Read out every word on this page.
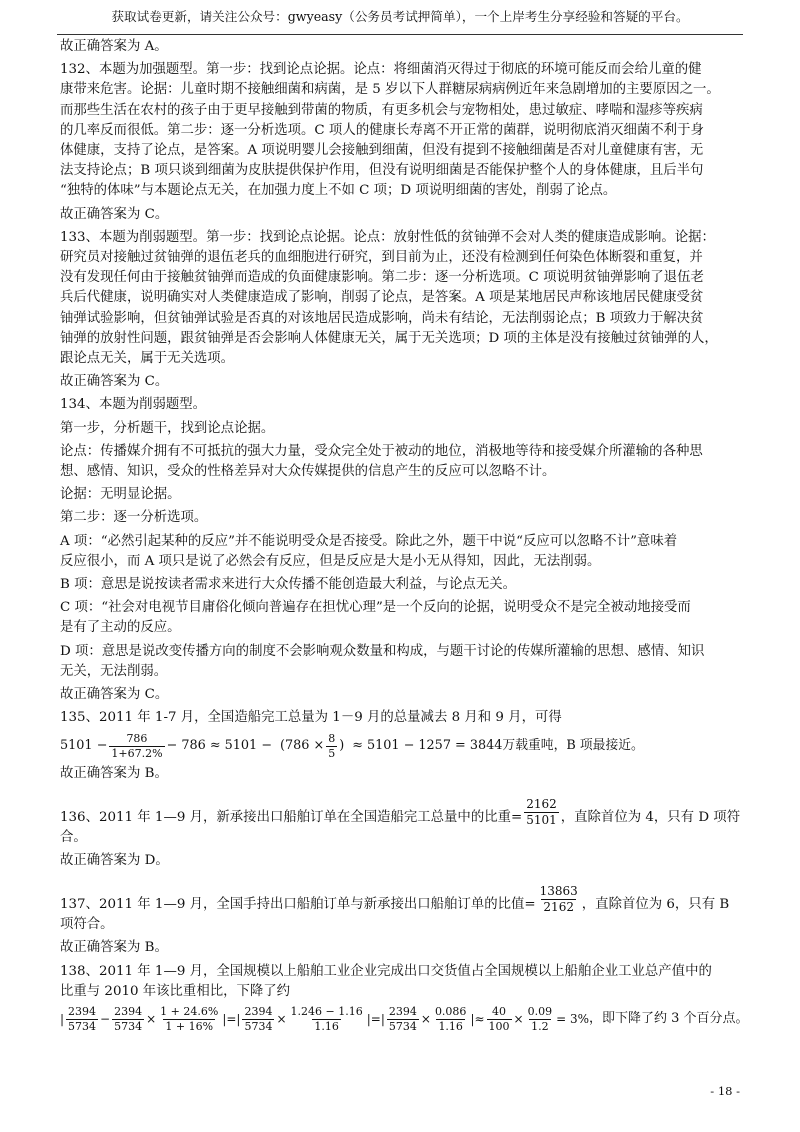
获取试卷更新，请关注公众号：gwyeasy（公务员考试押简单），一个上岸考生分享经验和答疑的平台。
故正确答案为 A。
132、本题为加强题型。第一步：找到论点论据。论点：将细菌消灭得过于彻底的环境可能反而会给儿童的健
康带来危害。论据：儿童时期不接触细菌和病菌，是 5 岁以下人群糖尿病病例近年来急剧增加的主要原因之一。
而那些生活在农村的孩子由于更早接触到带菌的物质，有更多机会与宠物相处，患过敏症、哮喘和湿疹等疾病
的几率反而很低。第二步：逐一分析选项。C 项人的健康长寿离不开正常的菌群，说明彻底消灭细菌不利于身
体健康，支持了论点，是答案。A 项说明婴儿会接触到细菌，但没有提到不接触细菌是否对儿童健康有害，无
法支持论点；B 项只谈到细菌为皮肤提供保护作用，但没有说明细菌是否能保护整个人的身体健康，且后半句
“独特的体味”与本题论点无关，在加强力度上不如 C 项；D 项说明细菌的害处，削弱了论点。
故正确答案为 C。
133、本题为削弱题型。第一步：找到论点论据。论点：放射性低的贫铀弹不会对人类的健康造成影响。论据：
研究员对接触过贫铀弹的退伍老兵的血细胞进行研究，到目前为止，还没有检测到任何染色体断裂和重复，并
没有发现任何由于接触贫铀弹而造成的负面健康影响。第二步：逐一分析选项。C 项说明贫铀弹影响了退伍老
兵后代健康，说明确实对人类健康造成了影响，削弱了论点，是答案。A 项是某地居民声称该地居民健康受贫
铀弹试验影响，但贫铀弹试验是否真的对该地居民造成影响，尚未有结论，无法削弱论点；B 项致力于解决贫
铀弹的放射性问题，跟贫铀弹是否会影响人体健康无关，属于无关选项；D 项的主体是没有接触过贫铀弹的人，
跟论点无关，属于无关选项。
故正确答案为 C。
134、本题为削弱题型。
第一步，分析题干，找到论点论据。
论点：传播媒介拥有不可抵抗的强大力量，受众完全处于被动的地位，消极地等待和接受媒介所灌输的各种思
想、感情、知识，受众的性格差异对大众传媒提供的信息产生的反应可以忽略不计。
论据：无明显论据。
第二步：逐一分析选项。
A 项：“必然引起某种的反应”并不能说明受众是否接受。除此之外，题干中说“反应可以忽略不计”意味着
反应很小，而 A 项只是说了必然会有反应，但是反应是大是小无从得知，因此，无法削弱。
B 项：意思是说按读者需求来进行大众传播不能创造最大利益，与论点无关。
C 项：“社会对电视节目庸俗化倾向普遍存在担忧心理”是一个反向的论据，说明受众不是完全被动地接受而
是有了主动的反应。
D 项：意思是说改变传播方向的制度不会影响观众数量和构成，与题干讨论的传媒所灌输的思想、感情、知识
无关，无法削弱。
故正确答案为 C。
135、2011 年 1-7 月，全国造船完工总量为 1－9 月的总量减去 8 月和 9 月，可得
$5101 - \frac{786}{1+67.2\%} - 786 \approx 5101 - (786 \times \frac{8}{5}$ ) ≈ 5101 − 1257 = 3844 万载重吨，B 项最接近。
故正确答案为 B。
136、2011 年 1—9 月，新承接出口船舶订单在全国造船完工总量中的比重= $\frac{2162}{5101}$ ，直除首位为 4，只有 D 项符
合。
故正确答案为 D。
137、2011 年 1—9 月，全国手持出口船舶订单与新承接出口船舶订单的比值= $\frac{13863}{2162}$ ，直除首位为 6，只有 B
项符合。
故正确答案为 B。
138、2011 年 1—9 月，全国规模以上船舶工业企业完成出口交货值占全国规模以上船舶企业工业总产值中的
比重与 2010 年该比重相比，下降了约
| $\frac{2394}{5734} - \frac{2394}{5734} \times \frac{1 + 24.6\%}{1 + 16\%}$ |=| $\frac{2394}{5734} \times \frac{1.246 - 1.16}{1.16}$ |=| $\frac{2394}{5734} \times \frac{0.086}{1.16}$ |≈ $\frac{40}{100} \times \frac{0.09}{1.2} = 3\%$ ，即下降了约 3 个百分点。
- 18 -
